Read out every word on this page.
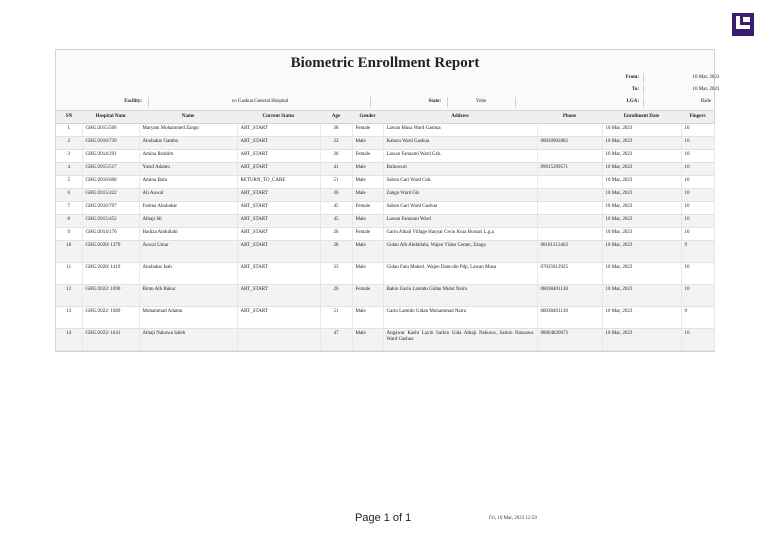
Biometric Enrollment Report
From:	10 Mar, 2023
To:	10 Mar, 2023
Facility:	yo Gashua General Hospital	State:	Yobe	LGA:	Bade
SN	Hospital Num	Name	Current Status	Age	Gender	Address	Phone	Enrollment Date	Fingers
1	GHG/2015/506	Maryam Mohammed Zango	ART_START	38	Female	Lawan Musa Ward Gashua		10 Mar, 2023	10
2	GHG/2016/739	Abubakar Gambo	ART_START	32	Male	Katuzu Ward Gashua	08030902882	10 Mar, 2023	10
3	GHG/2014/291	Amina Ibrahim	ART_START	26	Female	Lawan Fannami Ward Gsh.		10 Mar, 2023	10
4	GHG/2015/517	Yusuf Adamu	ART_START	41	Male	Bultuwuri	09015399571	10 Mar, 2023	10
5	GHG/2016/608	Aminu Bala	RETURN_TO_CARE	51	Male	Sabon Gari Ward Gsh.		10 Mar, 2023	10
6	GHG/2015/422	Ali Auwal	ART_START	36	Male	Zango Ward Gls		10 Mar, 2023	10
7	GHG/2016/707	Fatima Abubakar	ART_START	45	Female	Sabon Gari Ward Gashua		10 Mar, 2023	10
8	GHG/2015/452	Alhaji Idi	ART_START	45	Male	Lawan Fannami Ward		10 Mar, 2023	10
9	GHG/2014/176	Hadiza Abdullahi	ART_START	26	Female	Garin Alkali Village Hanyar Gwio Kura Bursari L.g.a		10 Mar, 2023	10
10	GHG/2020/ 1379	Auwal Umar	ART_START	28	Male	Gidan Alh Abdullahi, Wajen Video Center, Zango	08181213463	10 Mar, 2023	9
11	GHG/2020/ 1419	Abubakar Isah	ART_START	33	Male	Gidan Fatu Makeri, Wajen Dam-din Pdp, Lawan Musa	07035812925	10 Mar, 2023	10
12	GHG/2022/ 1690	Bintu Alh Bukar	ART_START	26	Female	Bakin Garin Lamido Gidan Muhd Naira	08038401138	10 Mar, 2023	10
13	GHG/2022/ 1689	Muhammad Adamu	ART_START	51	Male	Garin Lamido Gidan Muhammad Naira	08038401138	10 Mar, 2023	9
14	GHG/2022/ 1641	Alhaji Nakuwa Saleh		47	Male	Angawar Kashi Layin Sarkin Gida Alhaji Nakuwa, Sarkin Hausawa Ward Gashua	08064820073	10 Mar, 2023	10
Page 1 of 1	Fri, 10 Mar, 2023 12:59
